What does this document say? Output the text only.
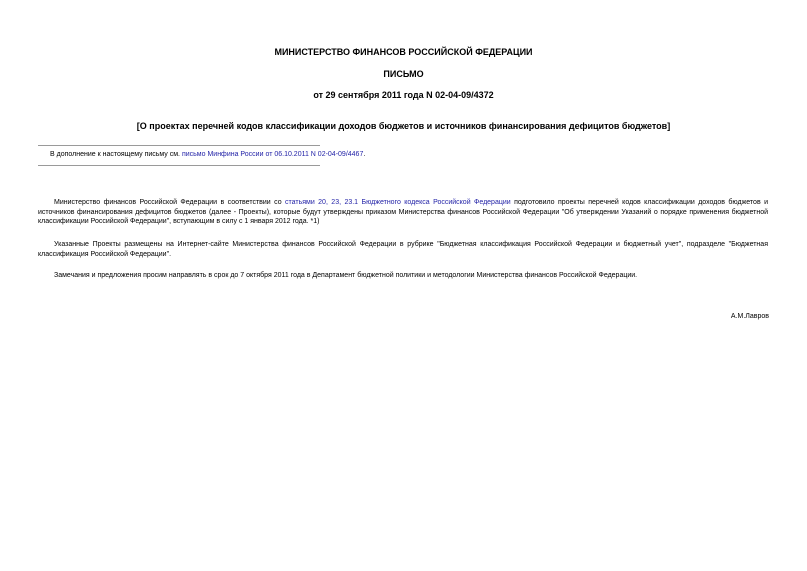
МИНИСТЕРСТВО ФИНАНСОВ РОССИЙСКОЙ ФЕДЕРАЦИИ
ПИСЬМО
от 29 сентября 2011 года N 02-04-09/4372
[О проектах перечней кодов классификации доходов бюджетов и источников финансирования дефицитов бюджетов]
В дополнение к настоящему письму см. письмо Минфина России от 06.10.2011 N 02-04-09/4467.
Министерство финансов Российской Федерации в соответствии со статьями 20, 23, 23.1 Бюджетного кодекса Российской Федерации подготовило проекты перечней кодов классификации доходов бюджетов и источников финансирования дефицитов бюджетов (далее - Проекты), которые будут утверждены приказом Министерства финансов Российской Федерации "Об утверждении Указаний о порядке применения бюджетной классификации Российской Федерации", вступающим в силу с 1 января 2012 года. *1)
Указанные Проекты размещены на Интернет-сайте Министерства финансов Российской Федерации в рубрике "Бюджетная классификация Российской Федерации и бюджетный учет", подразделе "Бюджетная классификация Российской Федерации".
Замечания и предложения просим направлять в срок до 7 октября 2011 года в Департамент бюджетной политики и методологии Министерства финансов Российской Федерации.
А.М.Лавров
